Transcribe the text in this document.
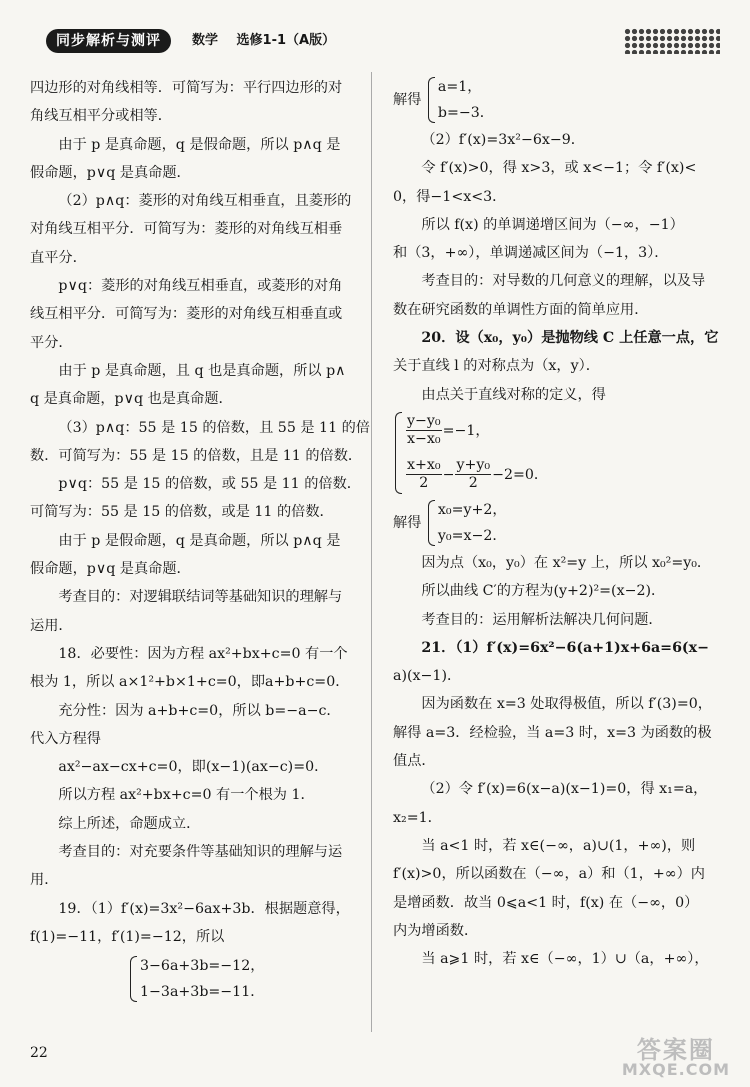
同步解析与测评	数学 选修1-1（A版）

四边形的对角线相等．可简写为：平行四边形的对

角线互相平分或相等．

由于 p 是真命题，q 是假命题，所以 p∧q 是

假命题，p∨q 是真命题．

（2）p∧q：菱形的对角线互相垂直，且菱形的

对角线互相平分．可简写为：菱形的对角线互相垂

直平分．

p∨q：菱形的对角线互相垂直，或菱形的对角

线互相平分．可简写为：菱形的对角线互相垂直或

平分．

由于 p 是真命题，且 q 也是真命题，所以 p∧

q 是真命题，p∨q 也是真命题．

（3）p∧q：55 是 15 的倍数，且 55 是 11 的倍

数．可简写为：55 是 15 的倍数，且是 11 的倍数．

p∨q：55 是 15 的倍数，或 55 是 11 的倍数．

可简写为：55 是 15 的倍数，或是 11 的倍数．

由于 p 是假命题，q 是真命题，所以 p∧q 是

假命题，p∨q 是真命题．

考查目的：对逻辑联结词等基础知识的理解与

运用．

18．必要性：因为方程 ax²+bx+c=0 有一个

根为 1，所以 a×1²+b×1+c=0，即a+b+c=0．

充分性：因为 a+b+c=0，所以 b=−a−c．

代入方程得

ax²−ax−cx+c=0，即(x−1)(ax−c)=0．

所以方程 ax²+bx+c=0 有一个根为 1．

综上所述，命题成立．

考查目的：对充要条件等基础知识的理解与运

用．

19．（1）f′(x)=3x²−6ax+3b．根据题意得，

f(1)=−11，f′(1)=−12，所以

3−6a+3b=−12，
1−3a+3b=−11．

解得
a=1，
b=−3．

（2）f′(x)=3x²−6x−9．

令 f′(x)>0，得 x>3，或 x<−1；令 f′(x)<

0，得−1<x<3．

所以 f(x) 的单调递增区间为（−∞，−1）

和（3，+∞），单调递减区间为（−1，3）．

考查目的：对导数的几何意义的理解，以及导

数在研究函数的单调性方面的简单应用．

20．设（x₀，y₀）是抛物线 C 上任意一点，它

关于直线 l 的对称点为（x，y）．

由点关于直线对称的定义，得

$\frac{\text{y−y₀}}{\text{x−x₀}} =-1$，
$\frac{\text{x+x₀}}{2} - \frac{\text{y+y₀}}{2} -2=0$．

解得
x₀=y+2，
y₀=x−2．

因为点（x₀，y₀）在 x²=y 上，所以 x₀²=y₀．

所以曲线 C′的方程为(y+2)²=(x−2)．

考查目的：运用解析法解决几何问题．

21．（1）f′(x)=6x²−6(a+1)x+6a=6(x−

a)(x−1)．

因为函数在 x=3 处取得极值，所以 f′(3)=0，

解得 a=3．经检验，当 a=3 时，x=3 为函数的极

值点．

（2）令 f′(x)=6(x−a)(x−1)=0，得 x₁=a，

x₂=1．

当 a<1 时，若 x∈(−∞，a)∪(1，+∞)，则

f′(x)>0，所以函数在（−∞，a）和（1，+∞）内

是增函数．故当 0⩽a<1 时，f(x) 在（−∞，0）

内为增函数．

当 a⩾1 时，若 x∈（−∞，1）∪（a，+∞），

22	答案圈
MXQE.COM
